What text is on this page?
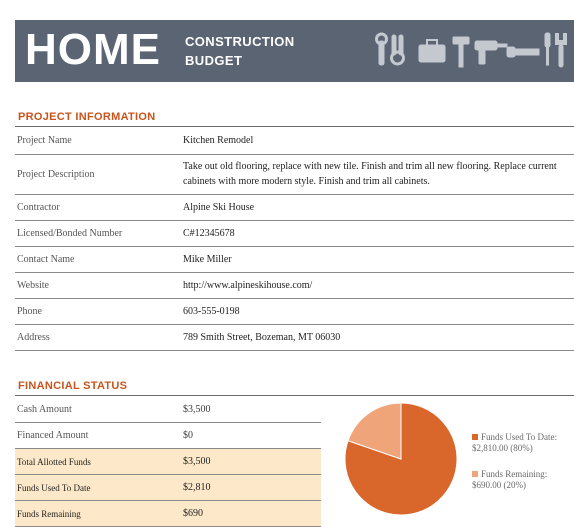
HOME CONSTRUCTION
BUDGET
PROJECT INFORMATION
Project Name	Kitchen Remodel
Project Description	Take out old flooring, replace with new tile. Finish and trim all new flooring. Replace current cabinets with more modern style. Finish and trim all cabinets.
Contractor	Alpine Ski House
Licensed/Bonded Number	C#12345678
Contact Name	Mike Miller
Website	http://www.alpineskihouse.com/
Phone	603-555-0198
Address	789 Smith Street, Bozeman, MT 06030
FINANCIAL STATUS
Cash Amount	$3,500
Financed Amount	$0
Total Allotted Funds	$3,500
Funds Used To Date	$2,810
Funds Remaining	$690
Funds Used To Date:
$2,810.00 (80%)
Funds Remaining:
$690.00 (20%)
